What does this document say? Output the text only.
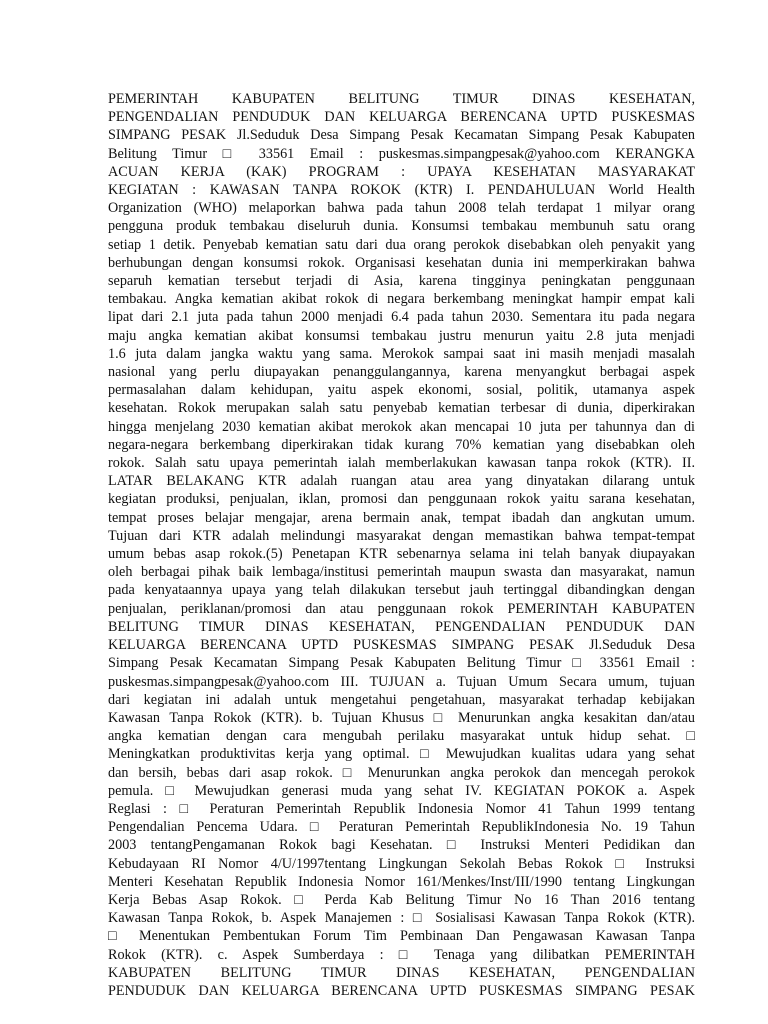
PEMERINTAH KABUPATEN BELITUNG TIMUR DINAS KESEHATAN,
PENGENDALIAN PENDUDUK DAN KELUARGA BERENCANA UPTD PUSKESMAS
SIMPANG PESAK Jl.Seduduk Desa Simpang Pesak Kecamatan Simpang Pesak Kabupaten
Belitung Timur □ 33561 Email : puskesmas.simpangpesak@yahoo.com KERANGKA
ACUAN KERJA (KAK) PROGRAM : UPAYA KESEHATAN MASYARAKAT
KEGIATAN : KAWASAN TANPA ROKOK (KTR) I. PENDAHULUAN World Health
Organization (WHO) melaporkan bahwa pada tahun 2008 telah terdapat 1 milyar orang
pengguna produk tembakau diseluruh dunia. Konsumsi tembakau membunuh satu orang
setiap 1 detik. Penyebab kematian satu dari dua orang perokok disebabkan oleh penyakit yang
berhubungan dengan konsumsi rokok. Organisasi kesehatan dunia ini memperkirakan bahwa
separuh kematian tersebut terjadi di Asia, karena tingginya peningkatan penggunaan
tembakau. Angka kematian akibat rokok di negara berkembang meningkat hampir empat kali
lipat dari 2.1 juta pada tahun 2000 menjadi 6.4 pada tahun 2030. Sementara itu pada negara
maju angka kematian akibat konsumsi tembakau justru menurun yaitu 2.8 juta menjadi
1.6 juta dalam jangka waktu yang sama. Merokok sampai saat ini masih menjadi masalah
nasional yang perlu diupayakan penanggulangannya, karena menyangkut berbagai aspek
permasalahan dalam kehidupan, yaitu aspek ekonomi, sosial, politik, utamanya aspek
kesehatan. Rokok merupakan salah satu penyebab kematian terbesar di dunia, diperkirakan
hingga menjelang 2030 kematian akibat merokok akan mencapai 10 juta per tahunnya dan di
negara-negara berkembang diperkirakan tidak kurang 70% kematian yang disebabkan oleh
rokok. Salah satu upaya pemerintah ialah memberlakukan kawasan tanpa rokok (KTR). II.
LATAR BELAKANG KTR adalah ruangan atau area yang dinyatakan dilarang untuk
kegiatan produksi, penjualan, iklan, promosi dan penggunaan rokok yaitu sarana kesehatan,
tempat proses belajar mengajar, arena bermain anak, tempat ibadah dan angkutan umum.
Tujuan dari KTR adalah melindungi masyarakat dengan memastikan bahwa tempat-tempat
umum bebas asap rokok.(5) Penetapan KTR sebenarnya selama ini telah banyak diupayakan
oleh berbagai pihak baik lembaga/institusi pemerintah maupun swasta dan masyarakat, namun
pada kenyataannya upaya yang telah dilakukan tersebut jauh tertinggal dibandingkan dengan
penjualan, periklanan/promosi dan atau penggunaan rokok PEMERINTAH KABUPATEN
BELITUNG TIMUR DINAS KESEHATAN, PENGENDALIAN PENDUDUK DAN
KELUARGA BERENCANA UPTD PUSKESMAS SIMPANG PESAK Jl.Seduduk Desa
Simpang Pesak Kecamatan Simpang Pesak Kabupaten Belitung Timur □ 33561 Email :
puskesmas.simpangpesak@yahoo.com III. TUJUAN a. Tujuan Umum Secara umum, tujuan
dari kegiatan ini adalah untuk mengetahui pengetahuan, masyarakat terhadap kebijakan
Kawasan Tanpa Rokok (KTR). b. Tujuan Khusus □ Menurunkan angka kesakitan dan/atau
angka kematian dengan cara mengubah perilaku masyarakat untuk hidup sehat. □
Meningkatkan produktivitas kerja yang optimal. □ Mewujudkan kualitas udara yang sehat
dan bersih, bebas dari asap rokok. □ Menurunkan angka perokok dan mencegah perokok
pemula. □ Mewujudkan generasi muda yang sehat IV. KEGIATAN POKOK a. Aspek
Reglasi : □ Peraturan Pemerintah Republik Indonesia Nomor 41 Tahun 1999 tentang
Pengendalian Pencema Udara. □ Peraturan Pemerintah RepublikIndonesia No. 19 Tahun
2003 tentangPengamanan Rokok bagi Kesehatan. □ Instruksi Menteri Pedidikan dan
Kebudayaan RI Nomor 4/U/1997tentang Lingkungan Sekolah Bebas Rokok □ Instruksi
Menteri Kesehatan Republik Indonesia Nomor 161/Menkes/Inst/III/1990 tentang Lingkungan
Kerja Bebas Asap Rokok. □ Perda Kab Belitung Timur No 16 Than 2016 tentang
Kawasan Tanpa Rokok, b. Aspek Manajemen : □ Sosialisasi Kawasan Tanpa Rokok (KTR).
□ Menentukan Pembentukan Forum Tim Pembinaan Dan Pengawasan Kawasan Tanpa
Rokok (KTR). c. Aspek Sumberdaya : □ Tenaga yang dilibatkan PEMERINTAH
KABUPATEN BELITUNG TIMUR DINAS KESEHATAN, PENGENDALIAN
PENDUDUK DAN KELUARGA BERENCANA UPTD PUSKESMAS SIMPANG PESAK
